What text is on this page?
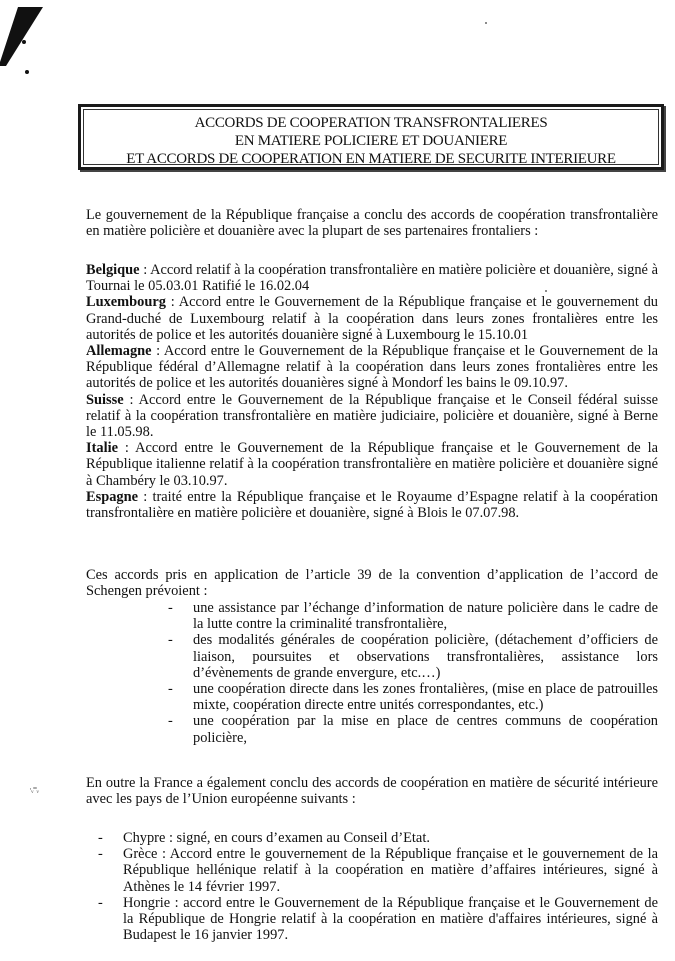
ACCORDS DE COOPERATION TRANSFRONTALIERES
EN MATIERE POLICIERE ET DOUANIERE
ET ACCORDS DE COOPERATION EN MATIERE DE SECURITE INTERIEURE

Le gouvernement de la République française a conclu des accords de coopération transfrontalière en matière policière et douanière avec la plupart de ses partenaires frontaliers :

Belgique : Accord relatif à la coopération transfrontalière en matière policière et douanière, signé à Tournai le 05.03.01 Ratifié le 16.02.04

Luxembourg : Accord entre le Gouvernement de la République française et le gouvernement du Grand-duché de Luxembourg relatif à la coopération dans leurs zones frontalières entre les autorités de police et les autorités douanière signé à Luxembourg le 15.10.01

Allemagne : Accord entre le Gouvernement de la République française et le Gouvernement de la République fédéral d’Allemagne relatif à la coopération dans leurs zones frontalières entre les autorités de police et les autorités douanières signé à Mondorf les bains le 09.10.97.

Suisse : Accord entre le Gouvernement de la République française et le Conseil fédéral suisse relatif à la coopération transfrontalière en matière judiciaire, policière et douanière, signé à Berne le 11.05.98.

Italie : Accord entre le Gouvernement de la République française et le Gouvernement de la République italienne relatif à la coopération transfrontalière en matière policière et douanière signé à Chambéry le 03.10.97.

Espagne : traité entre la République française et le Royaume d’Espagne relatif à la coopération transfrontalière en matière policière et douanière, signé à Blois le 07.07.98.

Ces accords pris en application de l’article 39 de la convention d’application de l’accord de Schengen prévoient :

- une assistance par l’échange d’information de nature policière dans le cadre de la lutte contre la criminalité transfrontalière,
- des modalités générales de coopération policière, (détachement d’officiers de liaison, poursuites et observations transfrontalières, assistance lors d’évènements de grande envergure, etc.…)
- une coopération directe dans les zones frontalières, (mise en place de patrouilles mixte, coopération directe entre unités correspondantes, etc.)
- une coopération par la mise en place de centres communs de coopération policière,
·ᵥ⁼ᵥ	En outre la France a également conclu des accords de coopération en matière de sécurité intérieure avec les pays de l’Union européenne suivants :

- Chypre : signé, en cours d’examen au Conseil d’Etat.
- Grèce : Accord entre le gouvernement de la République française et le gouvernement de la République hellénique relatif à la coopération en matière d’affaires intérieures, signé à Athènes le 14 février 1997.
- Hongrie : accord entre le Gouvernement de la République française et le Gouvernement de la République de Hongrie relatif à la coopération en matière d'affaires intérieures, signé à Budapest le 16 janvier 1997.
